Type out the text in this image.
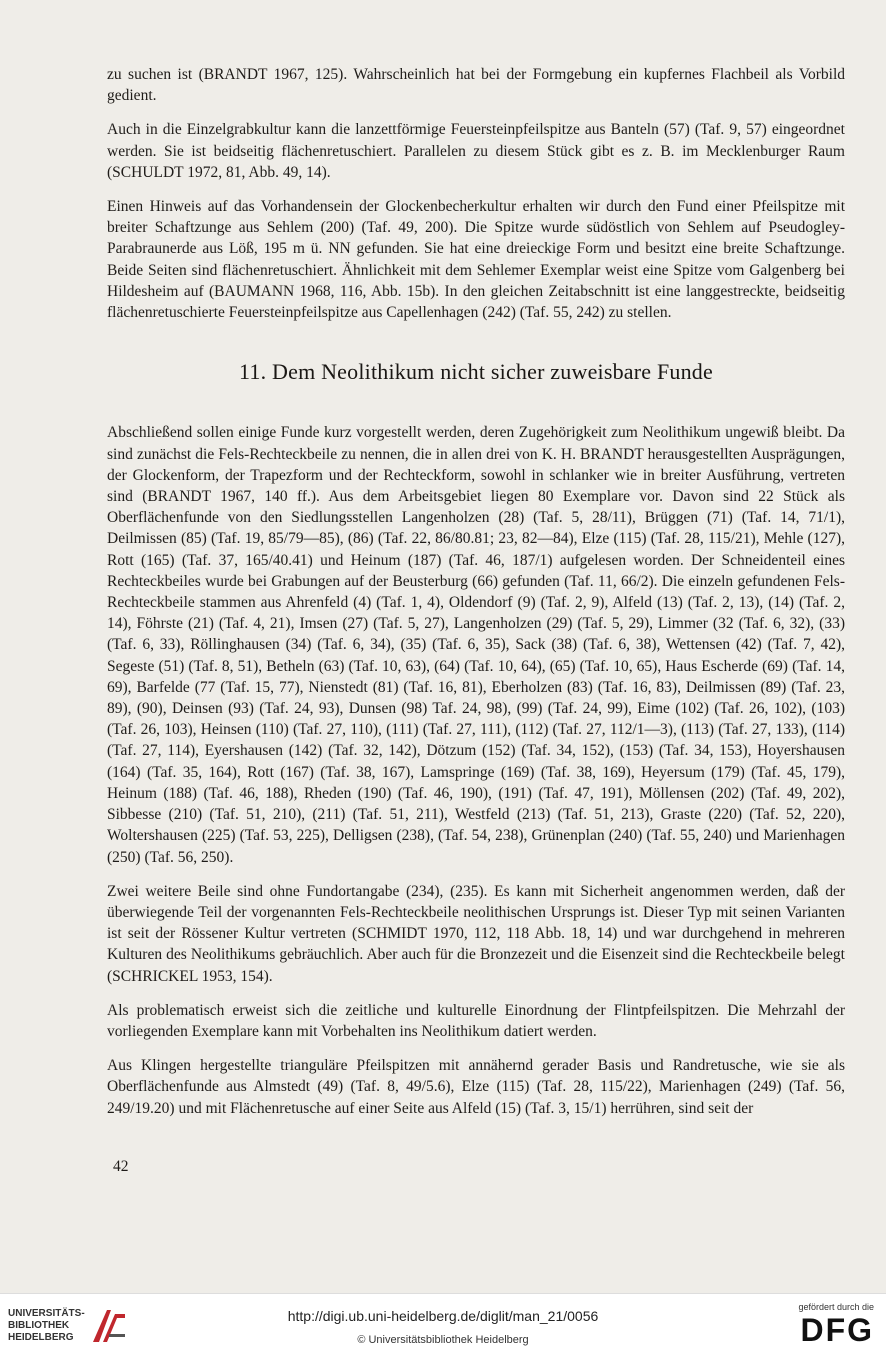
zu suchen ist (BRANDT 1967, 125). Wahrscheinlich hat bei der Formgebung ein kupfernes Flachbeil als Vorbild gedient.

Auch in die Einzelgrabkultur kann die lanzettförmige Feuersteinpfeilspitze aus Banteln (57) (Taf. 9, 57) eingeordnet werden. Sie ist beidseitig flächenretuschiert. Parallelen zu diesem Stück gibt es z. B. im Mecklenburger Raum (SCHULDT 1972, 81, Abb. 49, 14).

Einen Hinweis auf das Vorhandensein der Glockenbecherkultur erhalten wir durch den Fund einer Pfeilspitze mit breiter Schaftzunge aus Sehlem (200) (Taf. 49, 200). Die Spitze wurde südöstlich von Sehlem auf Pseudogley-Parabraunerde aus Löß, 195 m ü. NN gefunden. Sie hat eine dreieckige Form und besitzt eine breite Schaftzunge. Beide Seiten sind flächenretuschiert. Ähnlichkeit mit dem Sehlemer Exemplar weist eine Spitze vom Galgenberg bei Hildesheim auf (BAUMANN 1968, 116, Abb. 15b). In den gleichen Zeitabschnitt ist eine langgestreckte, beidseitig flächenretuschierte Feuersteinpfeilspitze aus Capellenhagen (242) (Taf. 55, 242) zu stellen.

11. Dem Neolithikum nicht sicher zuweisbare Funde

Abschließend sollen einige Funde kurz vorgestellt werden, deren Zugehörigkeit zum Neolithikum ungewiß bleibt. Da sind zunächst die Fels-Rechteckbeile zu nennen, die in allen drei von K. H. BRANDT herausgestellten Ausprägungen, der Glockenform, der Trapezform und der Rechteckform, sowohl in schlanker wie in breiter Ausführung, vertreten sind (BRANDT 1967, 140 ff.). Aus dem Arbeitsgebiet liegen 80 Exemplare vor. Davon sind 22 Stück als Oberflächenfunde von den Siedlungsstellen Langenholzen (28) (Taf. 5, 28/11), Brüggen (71) (Taf. 14, 71/1), Deilmissen (85) (Taf. 19, 85/79—85), (86) (Taf. 22, 86/80.81; 23, 82—84), Elze (115) (Taf. 28, 115/21), Mehle (127), Rott (165) (Taf. 37, 165/40.41) und Heinum (187) (Taf. 46, 187/1) aufgelesen worden. Der Schneidenteil eines Rechteckbeiles wurde bei Grabungen auf der Beusterburg (66) gefunden (Taf. 11, 66/2). Die einzeln gefundenen Fels-Rechteckbeile stammen aus Ahrenfeld (4) (Taf. 1, 4), Oldendorf (9) (Taf. 2, 9), Alfeld (13) (Taf. 2, 13), (14) (Taf. 2, 14), Föhrste (21) (Taf. 4, 21), Imsen (27) (Taf. 5, 27), Langenholzen (29) (Taf. 5, 29), Limmer (32 (Taf. 6, 32), (33) (Taf. 6, 33), Röllinghausen (34) (Taf. 6, 34), (35) (Taf. 6, 35), Sack (38) (Taf. 6, 38), Wettensen (42) (Taf. 7, 42), Segeste (51) (Taf. 8, 51), Betheln (63) (Taf. 10, 63), (64) (Taf. 10, 64), (65) (Taf. 10, 65), Haus Escherde (69) (Taf. 14, 69), Barfelde (77 (Taf. 15, 77), Nienstedt (81) (Taf. 16, 81), Eberholzen (83) (Taf. 16, 83), Deilmissen (89) (Taf. 23, 89), (90), Deinsen (93) (Taf. 24, 93), Dunsen (98) Taf. 24, 98), (99) (Taf. 24, 99), Eime (102) (Taf. 26, 102), (103) (Taf. 26, 103), Heinsen (110) (Taf. 27, 110), (111) (Taf. 27, 111), (112) (Taf. 27, 112/1—3), (113) (Taf. 27, 133), (114) (Taf. 27, 114), Eyershausen (142) (Taf. 32, 142), Dötzum (152) (Taf. 34, 152), (153) (Taf. 34, 153), Hoyershausen (164) (Taf. 35, 164), Rott (167) (Taf. 38, 167), Lamspringe (169) (Taf. 38, 169), Heyersum (179) (Taf. 45, 179), Heinum (188) (Taf. 46, 188), Rheden (190) (Taf. 46, 190), (191) (Taf. 47, 191), Möllensen (202) (Taf. 49, 202), Sibbesse (210) (Taf. 51, 210), (211) (Taf. 51, 211), Westfeld (213) (Taf. 51, 213), Graste (220) (Taf. 52, 220), Woltershausen (225) (Taf. 53, 225), Delligsen (238), (Taf. 54, 238), Grünenplan (240) (Taf. 55, 240) und Marienhagen (250) (Taf. 56, 250).

Zwei weitere Beile sind ohne Fundortangabe (234), (235). Es kann mit Sicherheit angenommen werden, daß der überwiegende Teil der vorgenannten Fels-Rechteckbeile neolithischen Ursprungs ist. Dieser Typ mit seinen Varianten ist seit der Rössener Kultur vertreten (SCHMIDT 1970, 112, 118 Abb. 18, 14) und war durchgehend in mehreren Kulturen des Neolithikums gebräuchlich. Aber auch für die Bronzezeit und die Eisenzeit sind die Rechteckbeile belegt (SCHRICKEL 1953, 154).

Als problematisch erweist sich die zeitliche und kulturelle Einordnung der Flintpfeilspitzen. Die Mehrzahl der vorliegenden Exemplare kann mit Vorbehalten ins Neolithikum datiert werden.

Aus Klingen hergestellte trianguläre Pfeilspitzen mit annähernd gerader Basis und Randretusche, wie sie als Oberflächenfunde aus Almstedt (49) (Taf. 8, 49/5.6), Elze (115) (Taf. 28, 115/22), Marienhagen (249) (Taf. 56, 249/19.20) und mit Flächenretusche auf einer Seite aus Alfeld (15) (Taf. 3, 15/1) herrühren, sind seit der

42
UNIVERSITÄTS-
BIBLIOTHEK
HEIDELBERG
http://digi.ub.uni-heidelberg.de/diglit/man_21/0056
© Universitätsbibliothek Heidelberg
gefördert durch die
DFG
